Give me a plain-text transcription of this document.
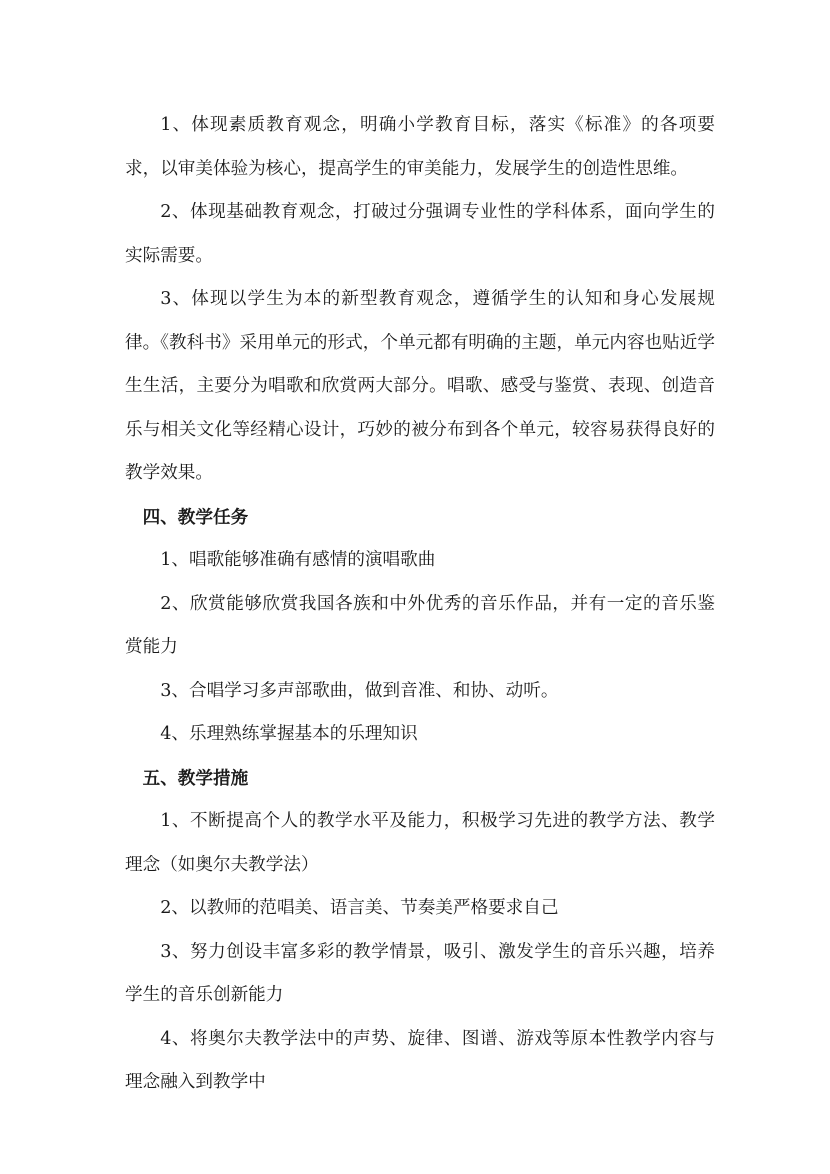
1、体现素质教育观念，明确小学教育目标，落实《标准》的各项要求，以审美体验为核心，提高学生的审美能力，发展学生的创造性思维。

2、体现基础教育观念，打破过分强调专业性的学科体系，面向学生的实际需要。

3、体现以学生为本的新型教育观念，遵循学生的认知和身心发展规律。《教科书》采用单元的形式，个单元都有明确的主题，单元内容也贴近学生生活，主要分为唱歌和欣赏两大部分。唱歌、感受与鉴赏、表现、创造音乐与相关文化等经精心设计，巧妙的被分布到各个单元，较容易获得良好的教学效果。

四、教学任务

1、唱歌能够准确有感情的演唱歌曲

2、欣赏能够欣赏我国各族和中外优秀的音乐作品，并有一定的音乐鉴赏能力

3、合唱学习多声部歌曲，做到音准、和协、动听。

4、乐理熟练掌握基本的乐理知识

五、教学措施

1、不断提高个人的教学水平及能力，积极学习先进的教学方法、教学理念（如奥尔夫教学法）

2、以教师的范唱美、语言美、节奏美严格要求自己

3、努力创设丰富多彩的教学情景，吸引、激发学生的音乐兴趣，培养学生的音乐创新能力

4、将奥尔夫教学法中的声势、旋律、图谱、游戏等原本性教学内容与理念融入到教学中
